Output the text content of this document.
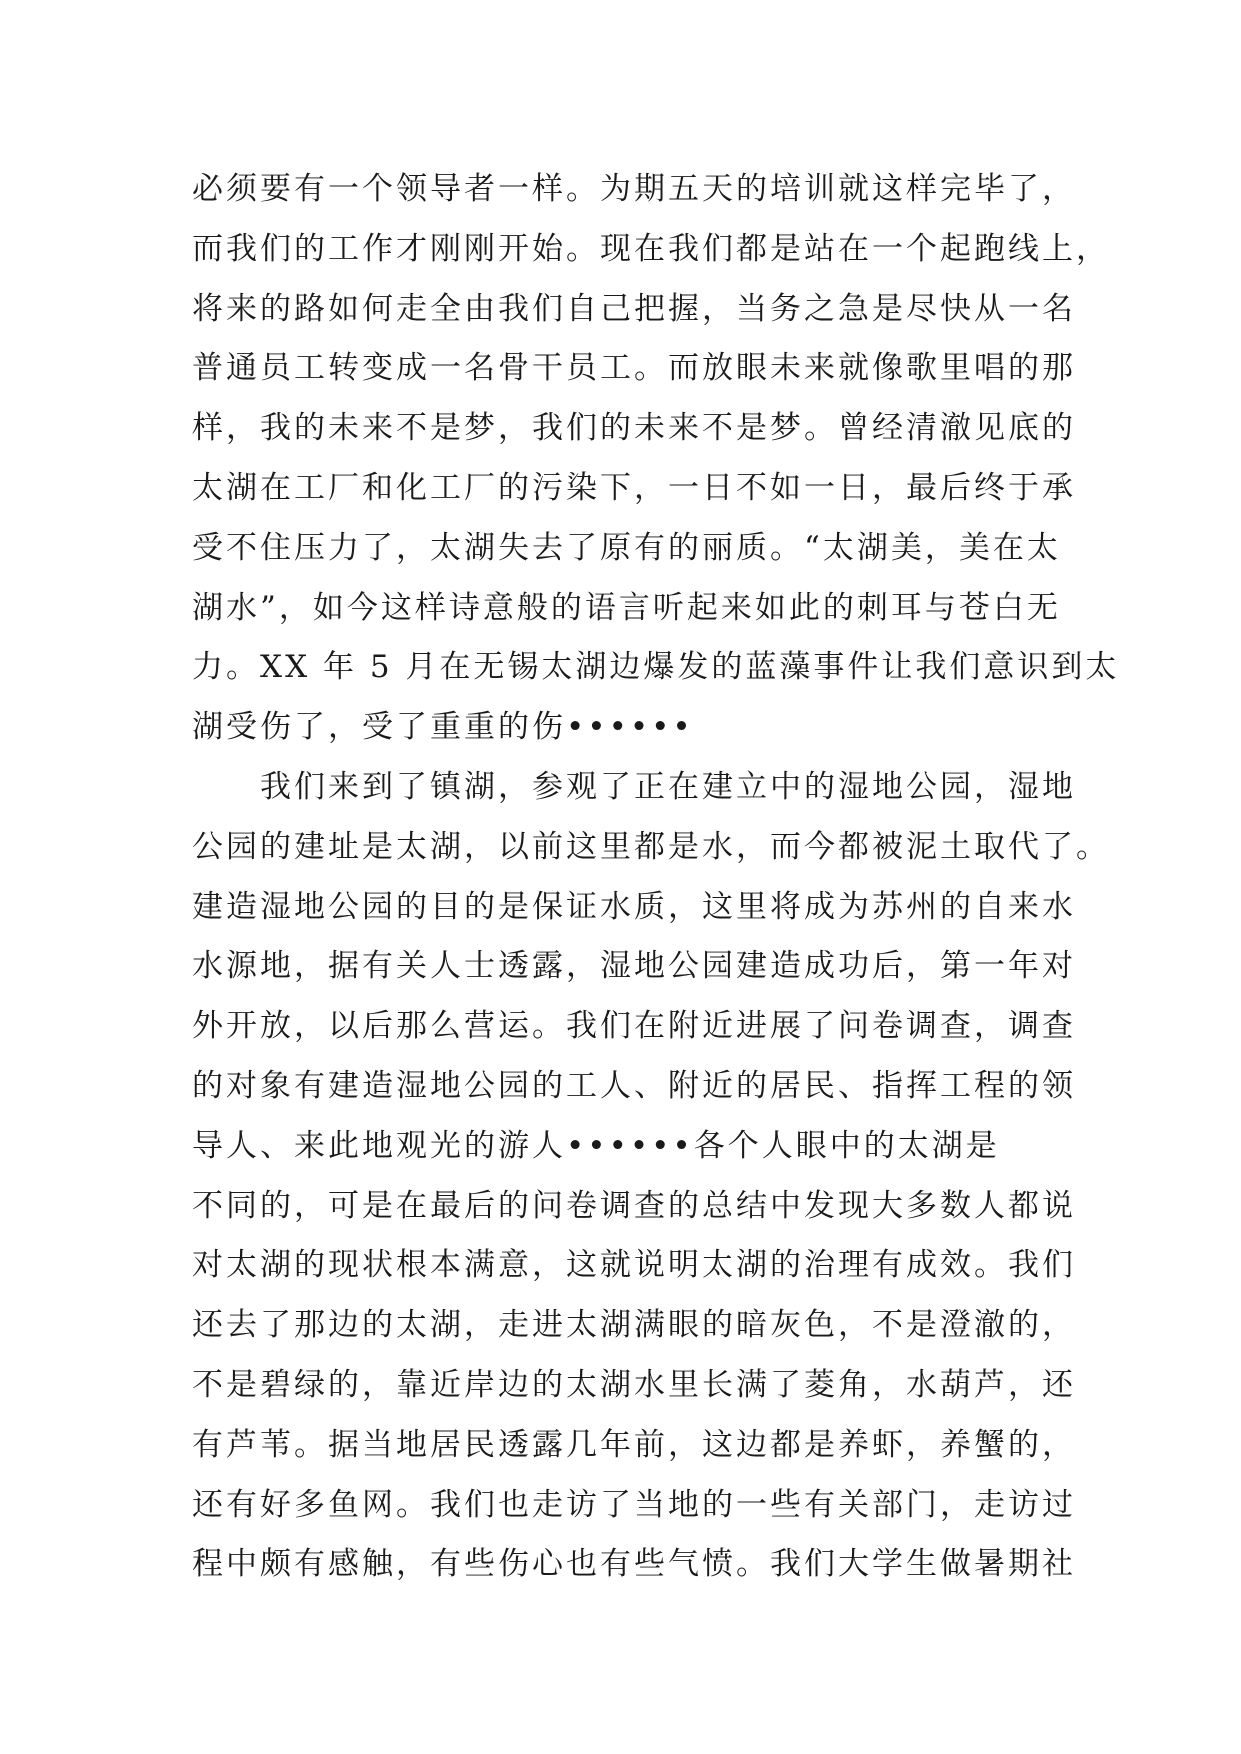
必须要有一个领导者一样。为期五天的培训就这样完毕了，
而我们的工作才刚刚开始。现在我们都是站在一个起跑线上，
将来的路如何走全由我们自己把握，当务之急是尽快从一名
普通员工转变成一名骨干员工。而放眼未来就像歌里唱的那
样，我的未来不是梦，我们的未来不是梦。曾经清澈见底的
太湖在工厂和化工厂的污染下，一日不如一日，最后终于承
受不住压力了，太湖失去了原有的丽质。“太湖美，美在太
湖水”，如今这样诗意般的语言听起来如此的刺耳与苍白无
力。XX 年 5 月在无锡太湖边爆发的蓝藻事件让我们意识到太
湖受伤了，受了重重的伤••••••
　　我们来到了镇湖，参观了正在建立中的湿地公园，湿地
公园的建址是太湖，以前这里都是水，而今都被泥土取代了。
建造湿地公园的目的是保证水质，这里将成为苏州的自来水
水源地，据有关人士透露，湿地公园建造成功后，第一年对
外开放，以后那么营运。我们在附近进展了问卷调查，调查
的对象有建造湿地公园的工人、附近的居民、指挥工程的领
导人、来此地观光的游人••••••各个人眼中的太湖是
不同的，可是在最后的问卷调查的总结中发现大多数人都说
对太湖的现状根本满意，这就说明太湖的治理有成效。我们
还去了那边的太湖，走进太湖满眼的暗灰色，不是澄澈的，
不是碧绿的，靠近岸边的太湖水里长满了菱角，水葫芦，还
有芦苇。据当地居民透露几年前，这边都是养虾，养蟹的，
还有好多鱼网。我们也走访了当地的一些有关部门，走访过
程中颇有感触，有些伤心也有些气愤。我们大学生做暑期社
